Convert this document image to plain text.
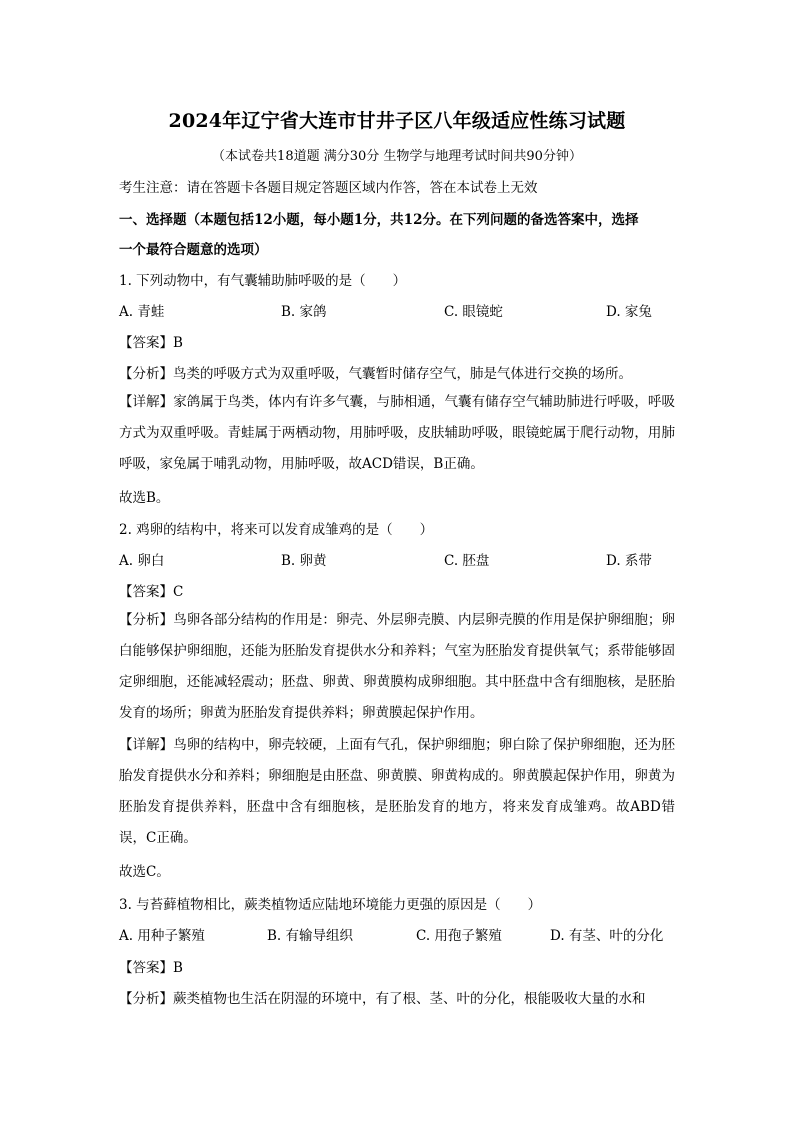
2024年辽宁省大连市甘井子区八年级适应性练习试题
（本试卷共18道题 满分30分 生物学与地理考试时间共90分钟）
考生注意：请在答题卡各题目规定答题区域内作答，答在本试卷上无效
一、选择题（本题包括12小题，每小题1分，共12分。在下列问题的备选答案中，选择
一个最符合题意的选项）
1. 下列动物中，有气囊辅助肺呼吸的是（　　）
A. 青蛙	B. 家鸽	C. 眼镜蛇	D. 家兔
【答案】B
【分析】鸟类的呼吸方式为双重呼吸，气囊暂时储存空气，肺是气体进行交换的场所。
【详解】家鸽属于鸟类，体内有许多气囊，与肺相通，气囊有储存空气辅助肺进行呼吸，呼吸方式为双重呼吸。青蛙属于两栖动物，用肺呼吸，皮肤辅助呼吸，眼镜蛇属于爬行动物，用肺呼吸，家兔属于哺乳动物，用肺呼吸，故ACD错误，B正确。
故选B。
2. 鸡卵的结构中，将来可以发育成雏鸡的是（　　）
A. 卵白	B. 卵黄	C. 胚盘	D. 系带
【答案】C
【分析】鸟卵各部分结构的作用是：卵壳、外层卵壳膜、内层卵壳膜的作用是保护卵细胞；卵白能够保护卵细胞，还能为胚胎发育提供水分和养料；气室为胚胎发育提供氧气；系带能够固定卵细胞，还能减轻震动；胚盘、卵黄、卵黄膜构成卵细胞。其中胚盘中含有细胞核，是胚胎发育的场所；卵黄为胚胎发育提供养料；卵黄膜起保护作用。
【详解】鸟卵的结构中，卵壳较硬，上面有气孔，保护卵细胞；卵白除了保护卵细胞，还为胚胎发育提供水分和养料；卵细胞是由胚盘、卵黄膜、卵黄构成的。卵黄膜起保护作用，卵黄为胚胎发育提供养料，胚盘中含有细胞核，是胚胎发育的地方，将来发育成雏鸡。故ABD错误，C正确。
故选C。
3. 与苔藓植物相比，蕨类植物适应陆地环境能力更强的原因是（　　）
A. 用种子繁殖	B. 有输导组织	C. 用孢子繁殖	D. 有茎、叶的分化
【答案】B
【分析】蕨类植物也生活在阴湿的环境中，有了根、茎、叶的分化，根能吸收大量的水和
